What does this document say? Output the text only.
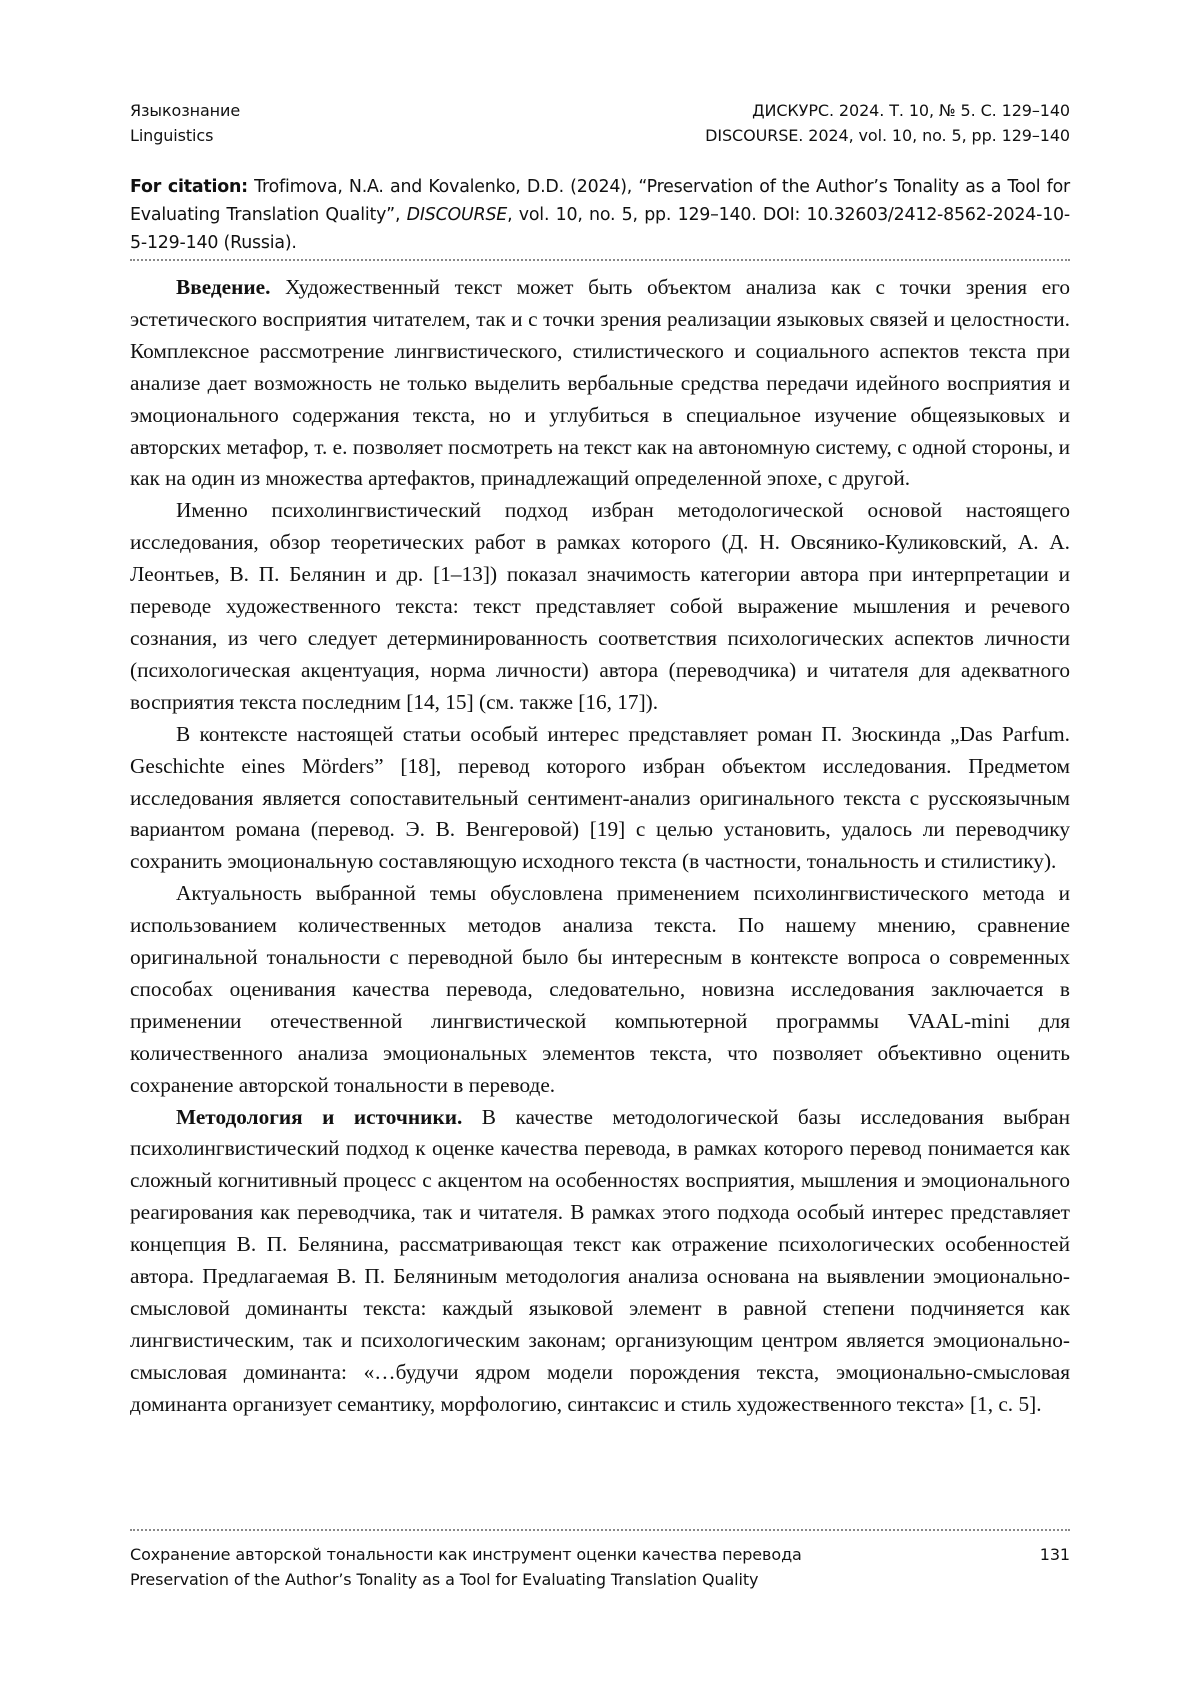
Языкознание	ДИСКУРС. 2024. Т. 10, № 5. С. 129–140
Linguistics	DISCOURSE. 2024, vol. 10, no. 5, pp. 129–140
For citation: Trofimova, N.A. and Kovalenko, D.D. (2024), “Preservation of the Author’s Tonality as a Tool for Evaluating Translation Quality”, DISCOURSE, vol. 10, no. 5, pp. 129–140. DOI: 10.32603/2412-8562-2024-10-5-129-140 (Russia).

Введение. Художественный текст может быть объектом анализа как с точки зрения его эстетического восприятия читателем, так и с точки зрения реализации языковых связей и целостности. Комплексное рассмотрение лингвистического, стилистического и социального аспектов текста при анализе дает возможность не только выделить вербальные средства передачи идейного восприятия и эмоционального содержания текста, но и углубиться в специальное изучение общеязыковых и авторских метафор, т. е. позволяет посмотреть на текст как на автономную систему, с одной стороны, и как на один из множества артефактов, принадлежащий определенной эпохе, с другой.

Именно психолингвистический подход избран методологической основой настоящего исследования, обзор теоретических работ в рамках которого (Д. Н. Овсянико-Куликовский, А. А. Леонтьев, В. П. Белянин и др. [1–13]) показал значимость категории автора при интерпретации и переводе художественного текста: текст представляет собой выражение мышления и речевого сознания, из чего следует детерминированность соответствия психологических аспектов личности (психологическая акцентуация, норма личности) автора (переводчика) и читателя для адекватного восприятия текста последним [14, 15] (см. также [16, 17]).

В контексте настоящей статьи особый интерес представляет роман П. Зюскинда „Das Parfum. Geschichte eines Mörders” [18], перевод которого избран объектом исследования. Предметом исследования является сопоставительный сентимент-анализ оригинального текста с русскоязычным вариантом романа (перевод. Э. В. Венгеровой) [19] с целью установить, удалось ли переводчику сохранить эмоциональную составляющую исходного текста (в частности, тональность и стилистику).

Актуальность выбранной темы обусловлена применением психолингвистического метода и использованием количественных методов анализа текста. По нашему мнению, сравнение оригинальной тональности с переводной было бы интересным в контексте вопроса о современных способах оценивания качества перевода, следовательно, новизна исследования заключается в применении отечественной лингвистической компьютерной программы VAAL-mini для количественного анализа эмоциональных элементов текста, что позволяет объективно оценить сохранение авторской тональности в переводе.

Методология и источники. В качестве методологической базы исследования выбран психолингвистический подход к оценке качества перевода, в рамках которого перевод понимается как сложный когнитивный процесс с акцентом на особенностях восприятия, мышления и эмоционального реагирования как переводчика, так и читателя. В рамках этого подхода особый интерес представляет концепция В. П. Белянина, рассматривающая текст как отражение психологических особенностей автора. Предлагаемая В. П. Беляниным методология анализа основана на выявлении эмоционально-смысловой доминанты текста: каждый языковой элемент в равной степени подчиняется как лингвистическим, так и психологическим законам; организующим центром является эмоционально-смысловая доминанта: «…будучи ядром модели порождения текста, эмоционально-смысловая доминанта организует семантику, морфологию, синтаксис и стиль художественного текста» [1, с. 5].

Сохранение авторской тональности как инструмент оценки качества перевода	131
Preservation of the Author’s Tonality as a Tool for Evaluating Translation Quality
